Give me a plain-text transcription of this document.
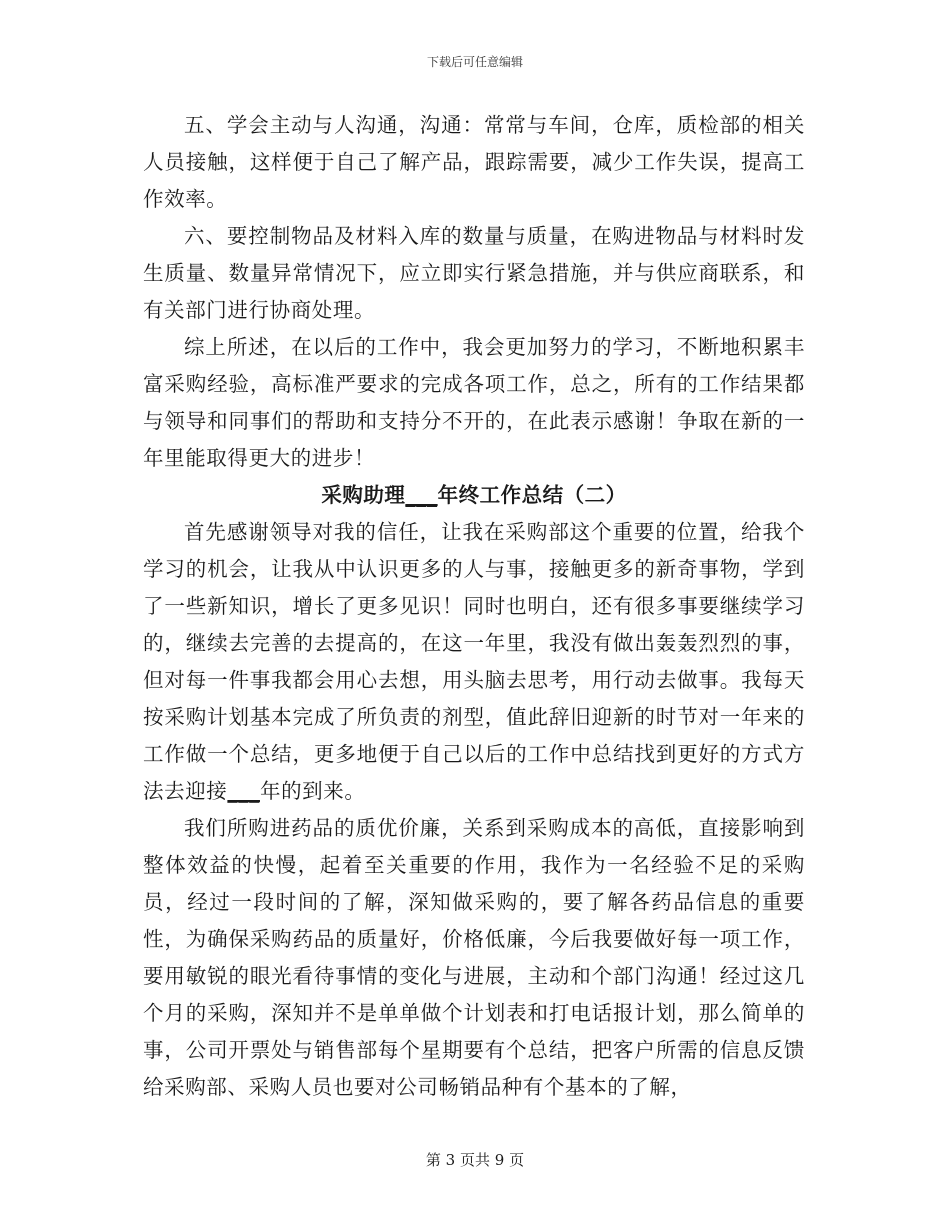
下载后可任意编辑

五、学会主动与人沟通，沟通：常常与车间，仓库，质检部的相关人员接触，这样便于自己了解产品，跟踪需要，减少工作失误，提高工作效率。

六、要控制物品及材料入库的数量与质量，在购进物品与材料时发生质量、数量异常情况下，应立即实行紧急措施，并与供应商联系，和有关部门进行协商处理。

综上所述，在以后的工作中，我会更加努力的学习，不断地积累丰富采购经验，高标准严要求的完成各项工作，总之，所有的工作结果都与领导和同事们的帮助和支持分不开的，在此表示感谢！争取在新的一年里能取得更大的进步！

采购助理___年终工作总结（二）

首先感谢领导对我的信任，让我在采购部这个重要的位置，给我个学习的机会，让我从中认识更多的人与事，接触更多的新奇事物，学到了一些新知识，增长了更多见识！同时也明白，还有很多事要继续学习的，继续去完善的去提高的，在这一年里，我没有做出轰轰烈烈的事，但对每一件事我都会用心去想，用头脑去思考，用行动去做事。我每天按采购计划基本完成了所负责的剂型，值此辞旧迎新的时节对一年来的工作做一个总结，更多地便于自己以后的工作中总结找到更好的方式方法去迎接___年的到来。

我们所购进药品的质优价廉，关系到采购成本的高低，直接影响到整体效益的快慢，起着至关重要的作用，我作为一名经验不足的采购员，经过一段时间的了解，深知做采购的，要了解各药品信息的重要性，为确保采购药品的质量好，价格低廉，今后我要做好每一项工作，要用敏锐的眼光看待事情的变化与进展，主动和个部门沟通！经过这几个月的采购，深知并不是单单做个计划表和打电话报计划，那么简单的事，公司开票处与销售部每个星期要有个总结，把客户所需的信息反馈给采购部、采购人员也要对公司畅销品种有个基本的了解，

第 3 页共 9 页
